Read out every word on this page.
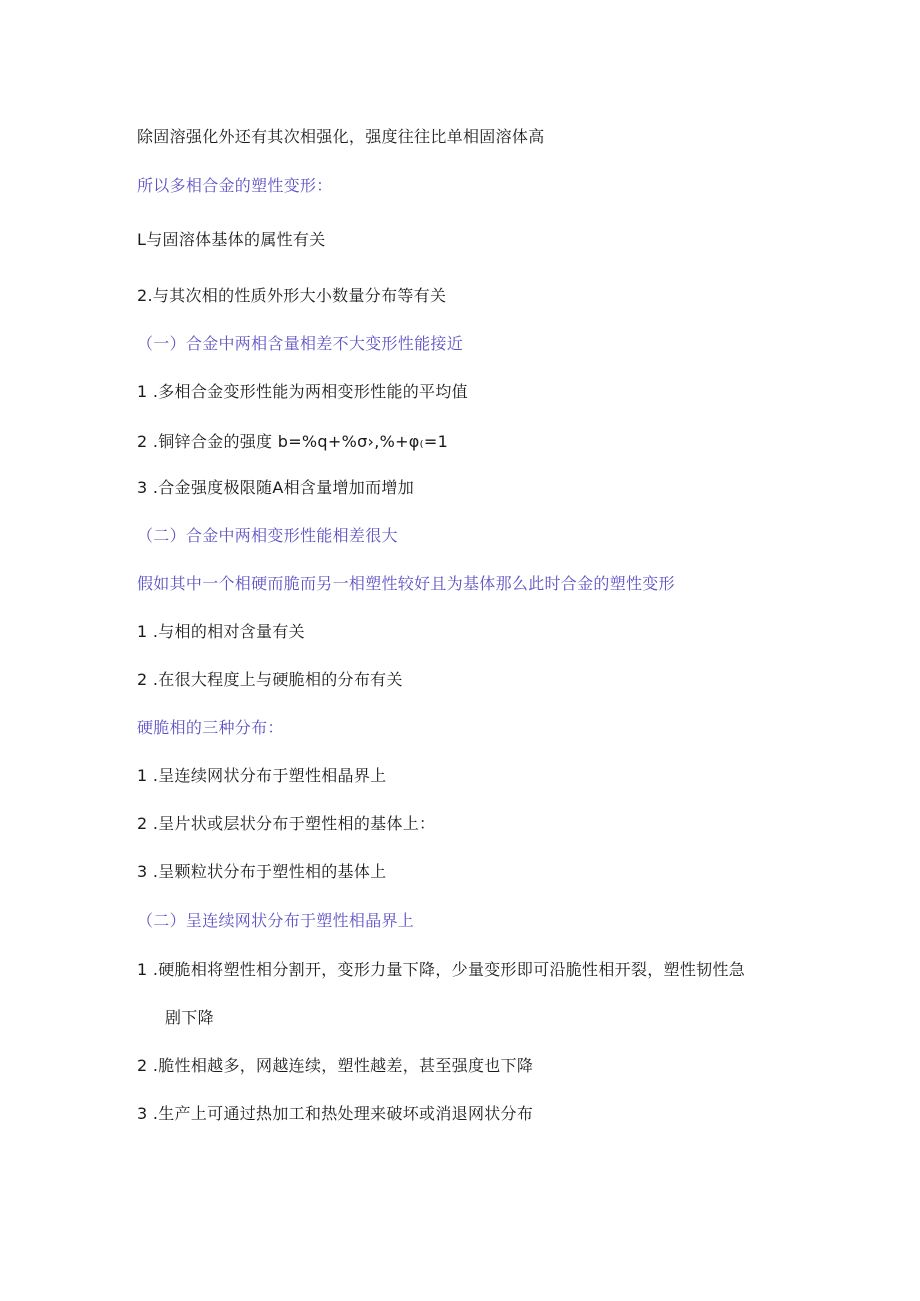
除固溶强化外还有其次相强化，强度往往比单相固溶体高
所以多相合金的塑性变形：
L与固溶体基体的属性有关
2.与其次相的性质外形大小数量分布等有关
（一）合金中两相含量相差不大变形性能接近
1 .多相合金变形性能为两相变形性能的平均值
2 .铜锌合金的强度 b=%q+%σ›,%+φ₍=1
3 .合金强度极限随A相含量增加而增加
（二）合金中两相变形性能相差很大
假如其中一个相硬而脆而另一相塑性较好且为基体那么此时合金的塑性变形
1 .与相的相对含量有关
2 .在很大程度上与硬脆相的分布有关
硬脆相的三种分布：
1 .呈连续网状分布于塑性相晶界上
2 .呈片状或层状分布于塑性相的基体上：
3 .呈颗粒状分布于塑性相的基体上
（二）呈连续网状分布于塑性相晶界上
1 .硬脆相将塑性相分割开，变形力量下降，少量变形即可沿脆性相开裂，塑性韧性急
剧下降
2 .脆性相越多，网越连续，塑性越差，甚至强度也下降
3 .生产上可通过热加工和热处理来破坏或消退网状分布
